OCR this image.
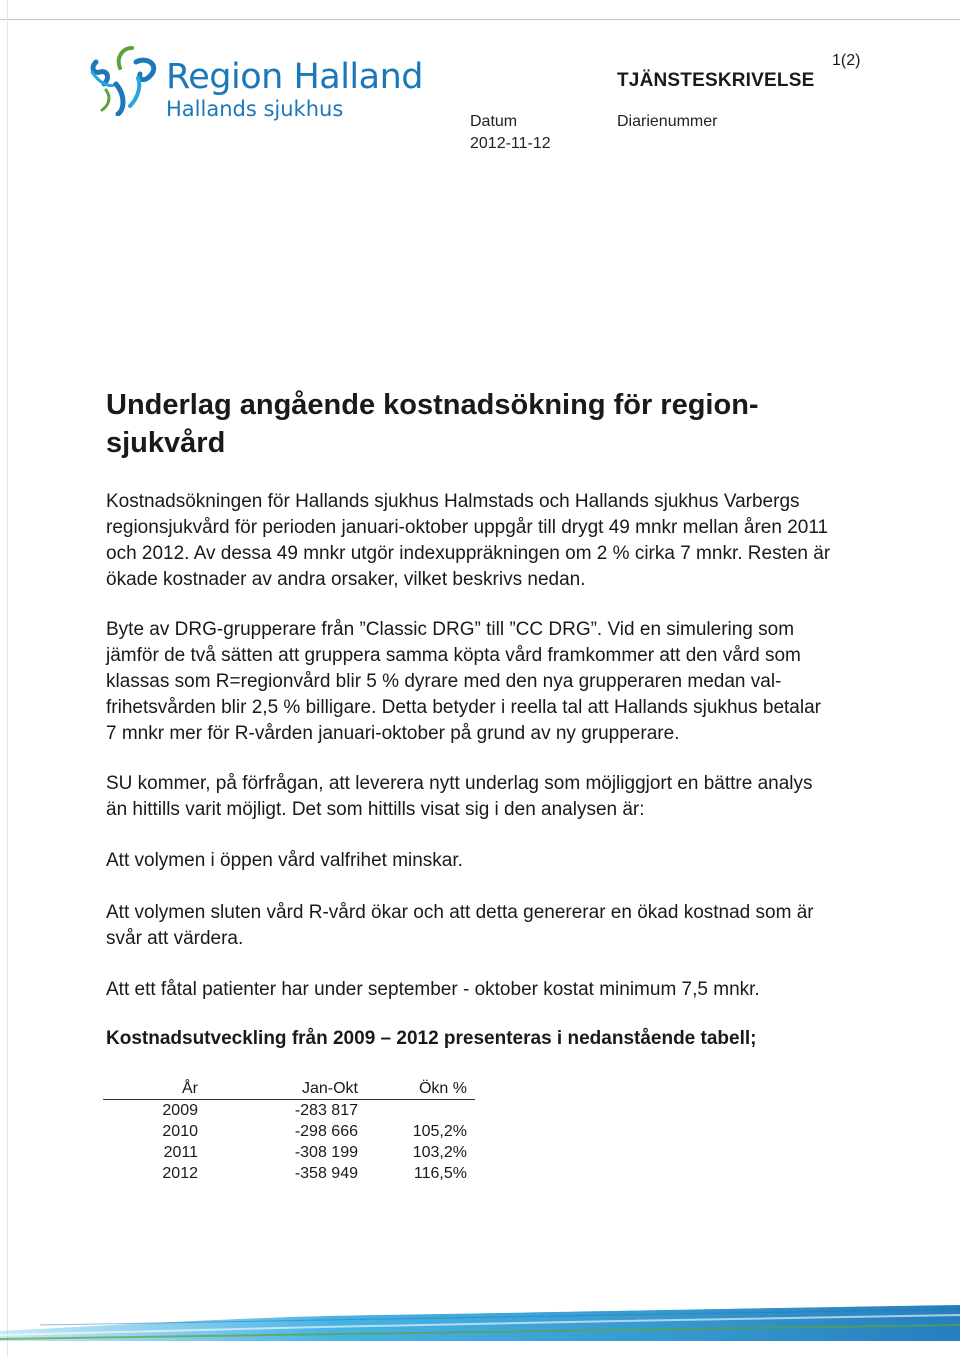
Region Halland
Hallands sjukhus
TJÄNSTESKRIVELSE
1(2)
Datum
2012-11-12
Diarienummer
Underlag angående kostnadsökning för region-sjukvård

Kostnadsökningen för Hallands sjukhus Halmstads och Hallands sjukhus Varbergs regionsjukvård för perioden januari-oktober uppgår till drygt 49 mnkr mellan åren 2011 och 2012. Av dessa 49 mnkr utgör indexuppräkningen om 2 % cirka 7 mnkr. Resten är ökade kostnader av andra orsaker, vilket beskrivs nedan.

Byte av DRG-grupperare från ”Classic DRG” till ”CC DRG”. Vid en simulering som jämför de två sätten att gruppera samma köpta vård framkommer att den vård som klassas som R=regionvård blir 5 % dyrare med den nya grupperaren medan val-frihetsvården blir 2,5 % billigare. Detta betyder i reella tal att Hallands sjukhus betalar 7 mnkr mer för R-vården januari-oktober på grund av ny grupperare.

SU kommer, på förfrågan, att leverera nytt underlag som möjliggjort en bättre analys än hittills varit möjligt. Det som hittills visat sig i den analysen är:

Att volymen i öppen vård valfrihet minskar.

Att volymen sluten vård R-vård ökar och att detta genererar en ökad kostnad som är svår att värdera.

Att ett fåtal patienter har under september - oktober kostat minimum 7,5 mnkr.

Kostnadsutveckling från 2009 – 2012 presenteras i nedanstående tabell;
År	Jan-Okt	Ökn %
2009	-283 817	
2010	-298 666	105,2%
2011	-308 199	103,2%
2012	-358 949	116,5%
